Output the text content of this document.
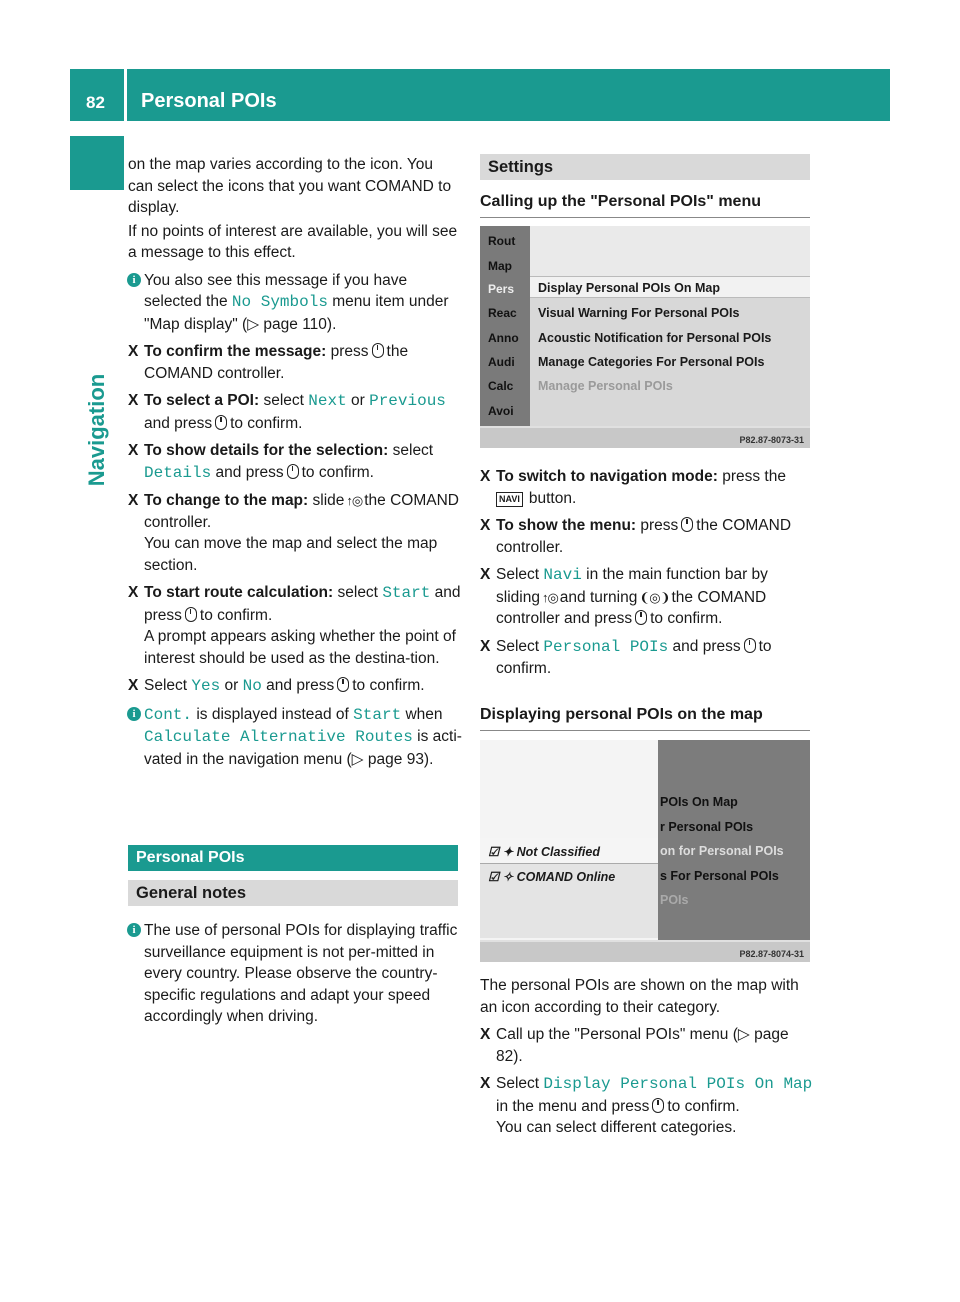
82 Personal POIs
Navigation

on the map varies according to the icon. You can select the icons that you want COMAND to display.

If no points of interest are available, you will see a message to this effect.

i You also see this message if you have selected the No Symbols menu item under "Map display" (▷ page 110).
X To confirm the message: press the COMAND controller.
X To select a POI: select Next or Previous and press to confirm.
X To show details for the selection: select Details and press to confirm.
X To change to the map: slide ↑◎ the COMAND controller.
You can move the map and select the map section.
X To start route calculation: select Start and press to confirm.
A prompt appears asking whether the point of interest should be used as the destina-tion.
X Select Yes or No and press to confirm.
i Cont. is displayed instead of Start when Calculate Alternative Routes is acti-vated in the navigation menu (▷ page 93).
Personal POIs
General notes
i The use of personal POIs for displaying traffic surveillance equipment is not per-mitted in every country. Please observe the country-specific regulations and adapt your speed accordingly when driving.
Settings
Calling up the "Personal POIs" menu
Rout
Map
Pers
Reac
Anno
Audi
Calc
Avoi
Display Personal POIs On Map
Visual Warning For Personal POIs
Acoustic Notification for Personal POIs
Manage Categories For Personal POIs
Manage Personal POIs
P82.87-8073-31
X To switch to navigation mode: press the
NAVI button.
X To show the menu: press the COMAND controller.
X Select Navi in the main function bar by sliding ↑◎ and turning ❨◎❩ the COMAND controller and press to confirm.
X Select Personal POIs and press to confirm.
Displaying personal POIs on the map
☑ ✦ Not Classified
☑ ✧ COMAND Online
POIs On Map
r Personal POIs
on for Personal POIs
s For Personal POIs
POIs
P82.87-8074-31

The personal POIs are shown on the map with an icon according to their category.

X Call up the "Personal POIs" menu (▷ page 82).
X Select Display Personal POIs On Map in the menu and press to confirm.
You can select different categories.
